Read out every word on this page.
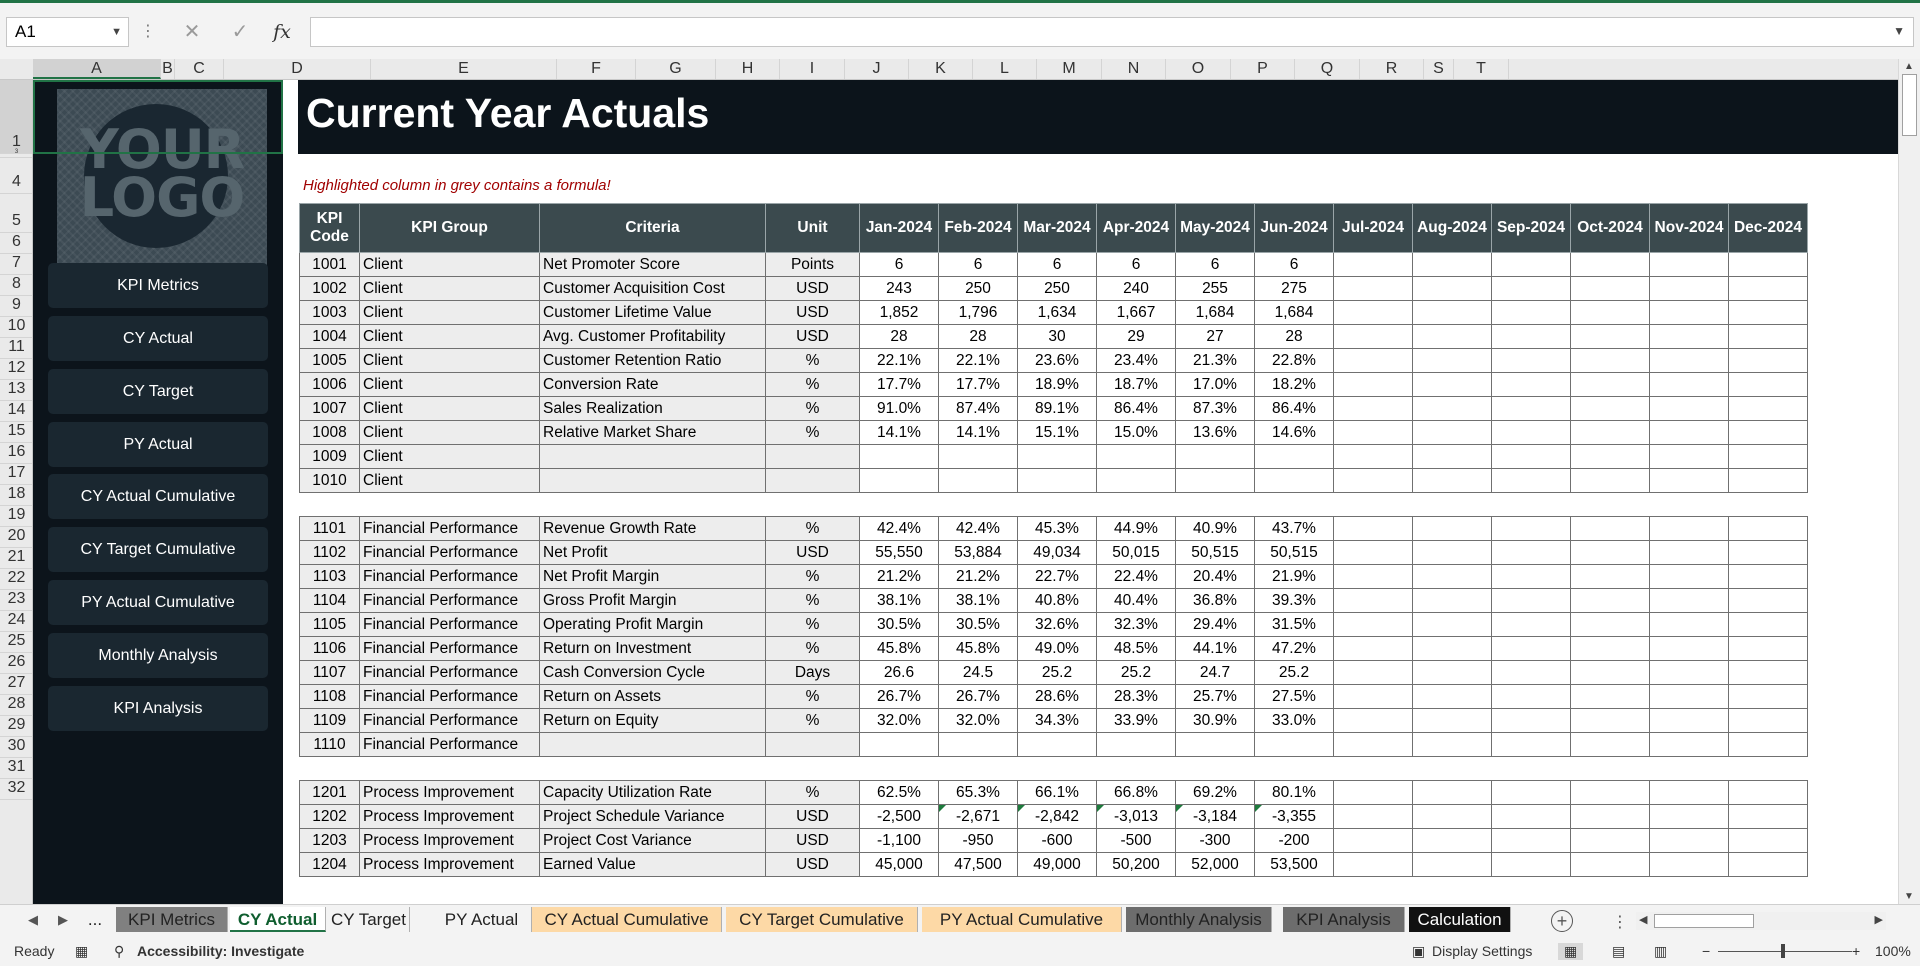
A1	▼ ⋮	✕	✓	fx	▼
A	B	C	D	E	F	G	H	I	J	K	L	M	N	O	P	Q	R	S	T
1
4
5
6
7
8
9
10
11
12
13
14
15
16
17
18
19
20
21
22
23
24
25
26
27
28
29
30
31
32
YOUR LOGO
KPI Metrics
CY Actual
CY Target
PY Actual
CY Actual Cumulative
CY Target Cumulative
PY Actual Cumulative
Monthly Analysis
KPI Analysis
Current Year Actuals
Highlighted column in grey contains a formula!
KPI Code	KPI Group	Criteria	Unit	Jan-2024	Feb-2024	Mar-2024	Apr-2024	May-2024	Jun-2024	Jul-2024	Aug-2024	Sep-2024	Oct-2024	Nov-2024	Dec-2024
1001	Client	Net Promoter Score	Points	6	6	6	6	6	6						
1002	Client	Customer Acquisition Cost	USD	243	250	250	240	255	275						
1003	Client	Customer Lifetime Value	USD	1,852	1,796	1,634	1,667	1,684	1,684						
1004	Client	Avg. Customer Profitability	USD	28	28	30	29	27	28						
1005	Client	Customer Retention Ratio	%	22.1%	22.1%	23.6%	23.4%	21.3%	22.8%						
1006	Client	Conversion Rate	%	17.7%	17.7%	18.9%	18.7%	17.0%	18.2%						
1007	Client	Sales Realization	%	91.0%	87.4%	89.1%	86.4%	87.3%	86.4%						
1008	Client	Relative Market Share	%	14.1%	14.1%	15.1%	15.0%	13.6%	14.6%						
1009	Client														
1010	Client														

1101	Financial Performance	Revenue Growth Rate	%	42.4%	42.4%	45.3%	44.9%	40.9%	43.7%						
1102	Financial Performance	Net Profit	USD	55,550	53,884	49,034	50,015	50,515	50,515						
1103	Financial Performance	Net Profit Margin	%	21.2%	21.2%	22.7%	22.4%	20.4%	21.9%						
1104	Financial Performance	Gross Profit Margin	%	38.1%	38.1%	40.8%	40.4%	36.8%	39.3%						
1105	Financial Performance	Operating Profit Margin	%	30.5%	30.5%	32.6%	32.3%	29.4%	31.5%						
1106	Financial Performance	Return on Investment	%	45.8%	45.8%	49.0%	48.5%	44.1%	47.2%						
1107	Financial Performance	Cash Conversion Cycle	Days	26.6	24.5	25.2	25.2	24.7	25.2						
1108	Financial Performance	Return on Assets	%	26.7%	26.7%	28.6%	28.3%	25.7%	27.5%						
1109	Financial Performance	Return on Equity	%	32.0%	32.0%	34.3%	33.9%	30.9%	33.0%						
1110	Financial Performance														

1201	Process Improvement	Capacity Utilization Rate	%	62.5%	65.3%	66.1%	66.8%	69.2%	80.1%						
1202	Process Improvement	Project Schedule Variance	USD	-2,500	-2,671	-2,842	-3,013	-3,184	-3,355						
1203	Process Improvement	Project Cost Variance	USD	-1,100	-950	-600	-500	-300	-200						
1204	Process Improvement	Earned Value	USD	45,000	47,500	49,000	50,200	52,000	53,500						
▲
▼
◀ ▶	...	KPI Metrics	CY Actual CY Target	PY Actual	CY Actual Cumulative	CY Target Cumulative	PY Actual Cumulative	Monthly Analysis	KPI Analysis	Calculation	+	⋮ ◀	▶
Ready ▦ ⚲ Accessibility: Investigate	▣ Display Settings	▦	▤ ▥ −	+ 100%
